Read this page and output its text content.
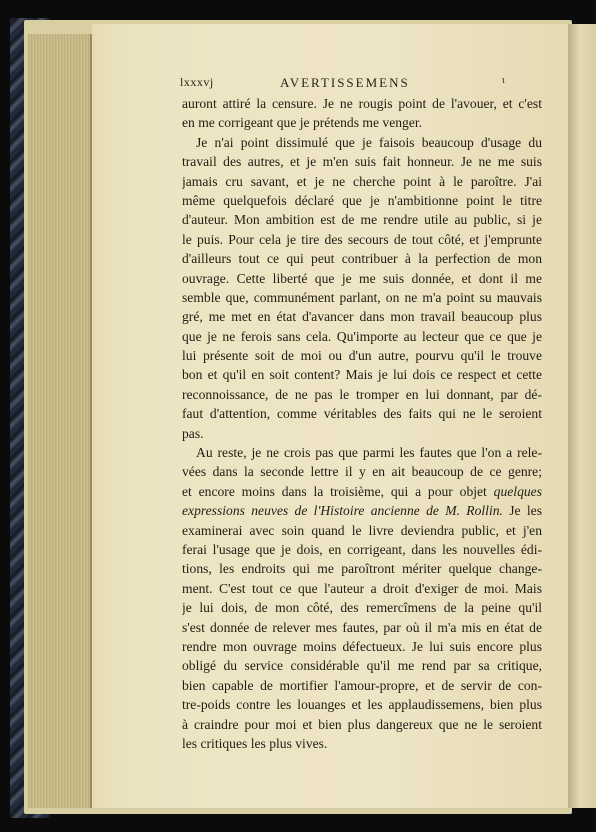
lxxxvj	AVERTISSEMENS	ɩ
auront attiré la censure. Je ne rougis point de l'avouer, et c'est
en me corrigeant que je prétends me venger.
Je n'ai point dissimulé que je faisois beaucoup d'usage du
travail des autres, et je m'en suis fait honneur. Je ne me suis
jamais cru savant, et je ne cherche point à le paroître. J'ai
même quelquefois déclaré que je n'ambitionne point le titre
d'auteur. Mon ambition est de me rendre utile au public, si je
le puis. Pour cela je tire des secours de tout côté, et j'emprunte
d'ailleurs tout ce qui peut contribuer à la perfection de mon
ouvrage. Cette liberté que je me suis donnée, et dont il me
semble que, communément parlant, on ne m'a point su mauvais
gré, me met en état d'avancer dans mon travail beaucoup plus
que je ne ferois sans cela. Qu'importe au lecteur que ce que je
lui présente soit de moi ou d'un autre, pourvu qu'il le trouve
bon et qu'il en soit content? Mais je lui dois ce respect et cette
reconnoissance, de ne pas le tromper en lui donnant, par dé-
faut d'attention, comme véritables des faits qui ne le seroient
pas.
Au reste, je ne crois pas que parmi les fautes que l'on a rele-
vées dans la seconde lettre il y en ait beaucoup de ce genre;
et encore moins dans la troisième, qui a pour objet quelques
expressions neuves de l'Histoire ancienne de M. Rollin. Je les
examinerai avec soin quand le livre deviendra public, et j'en
ferai l'usage que je dois, en corrigeant, dans les nouvelles édi-
tions, les endroits qui me paroîtront mériter quelque change-
ment. C'est tout ce que l'auteur a droit d'exiger de moi. Mais
je lui dois, de mon côté, des remercîmens de la peine qu'il
s'est donnée de relever mes fautes, par où il m'a mis en état de
rendre mon ouvrage moins défectueux. Je lui suis encore plus
obligé du service considérable qu'il me rend par sa critique,
bien capable de mortifier l'amour-propre, et de servir de con-
tre-poids contre les louanges et les applaudissemens, bien plus
à craindre pour moi et bien plus dangereux que ne le seroient
les critiques les plus vives.
